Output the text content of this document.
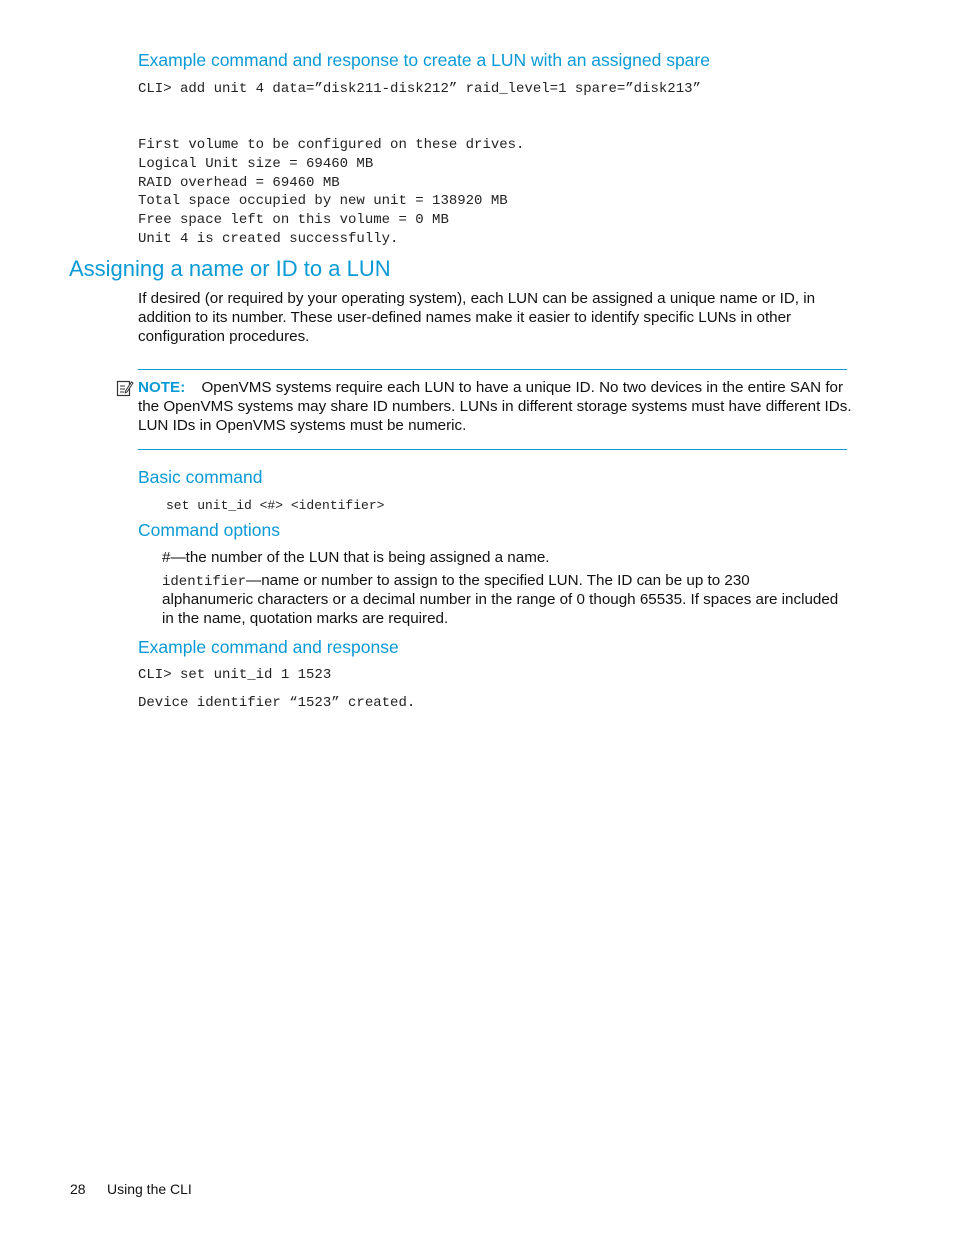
Example command and response to create a LUN with an assigned spare
CLI> add unit 4 data=”disk211-disk212” raid_level=1 spare=”disk213”
First volume to be configured on these drives.
Logical Unit size = 69460 MB
RAID overhead = 69460 MB
Total space occupied by new unit = 138920 MB
Free space left on this volume = 0 MB
Unit 4 is created successfully.
Assigning a name or ID to a LUN
If desired (or required by your operating system), each LUN can be assigned a unique name or ID, in
addition to its number. These user-defined names make it easier to identify specific LUNs in other
configuration procedures.
NOTE: OpenVMS systems require each LUN to have a unique ID. No two devices in the entire SAN for
the OpenVMS systems may share ID numbers. LUNs in different storage systems must have different IDs.
LUN IDs in OpenVMS systems must be numeric.
Basic command
set unit_id <#> <identifier>
Command options
#—the number of the LUN that is being assigned a name.
identifier—name or number to assign to the specified LUN. The ID can be up to 230
alphanumeric characters or a decimal number in the range of 0 though 65535. If spaces are included
in the name, quotation marks are required.
Example command and response
CLI> set unit_id 1 1523
Device identifier “1523” created.
28 Using the CLI
